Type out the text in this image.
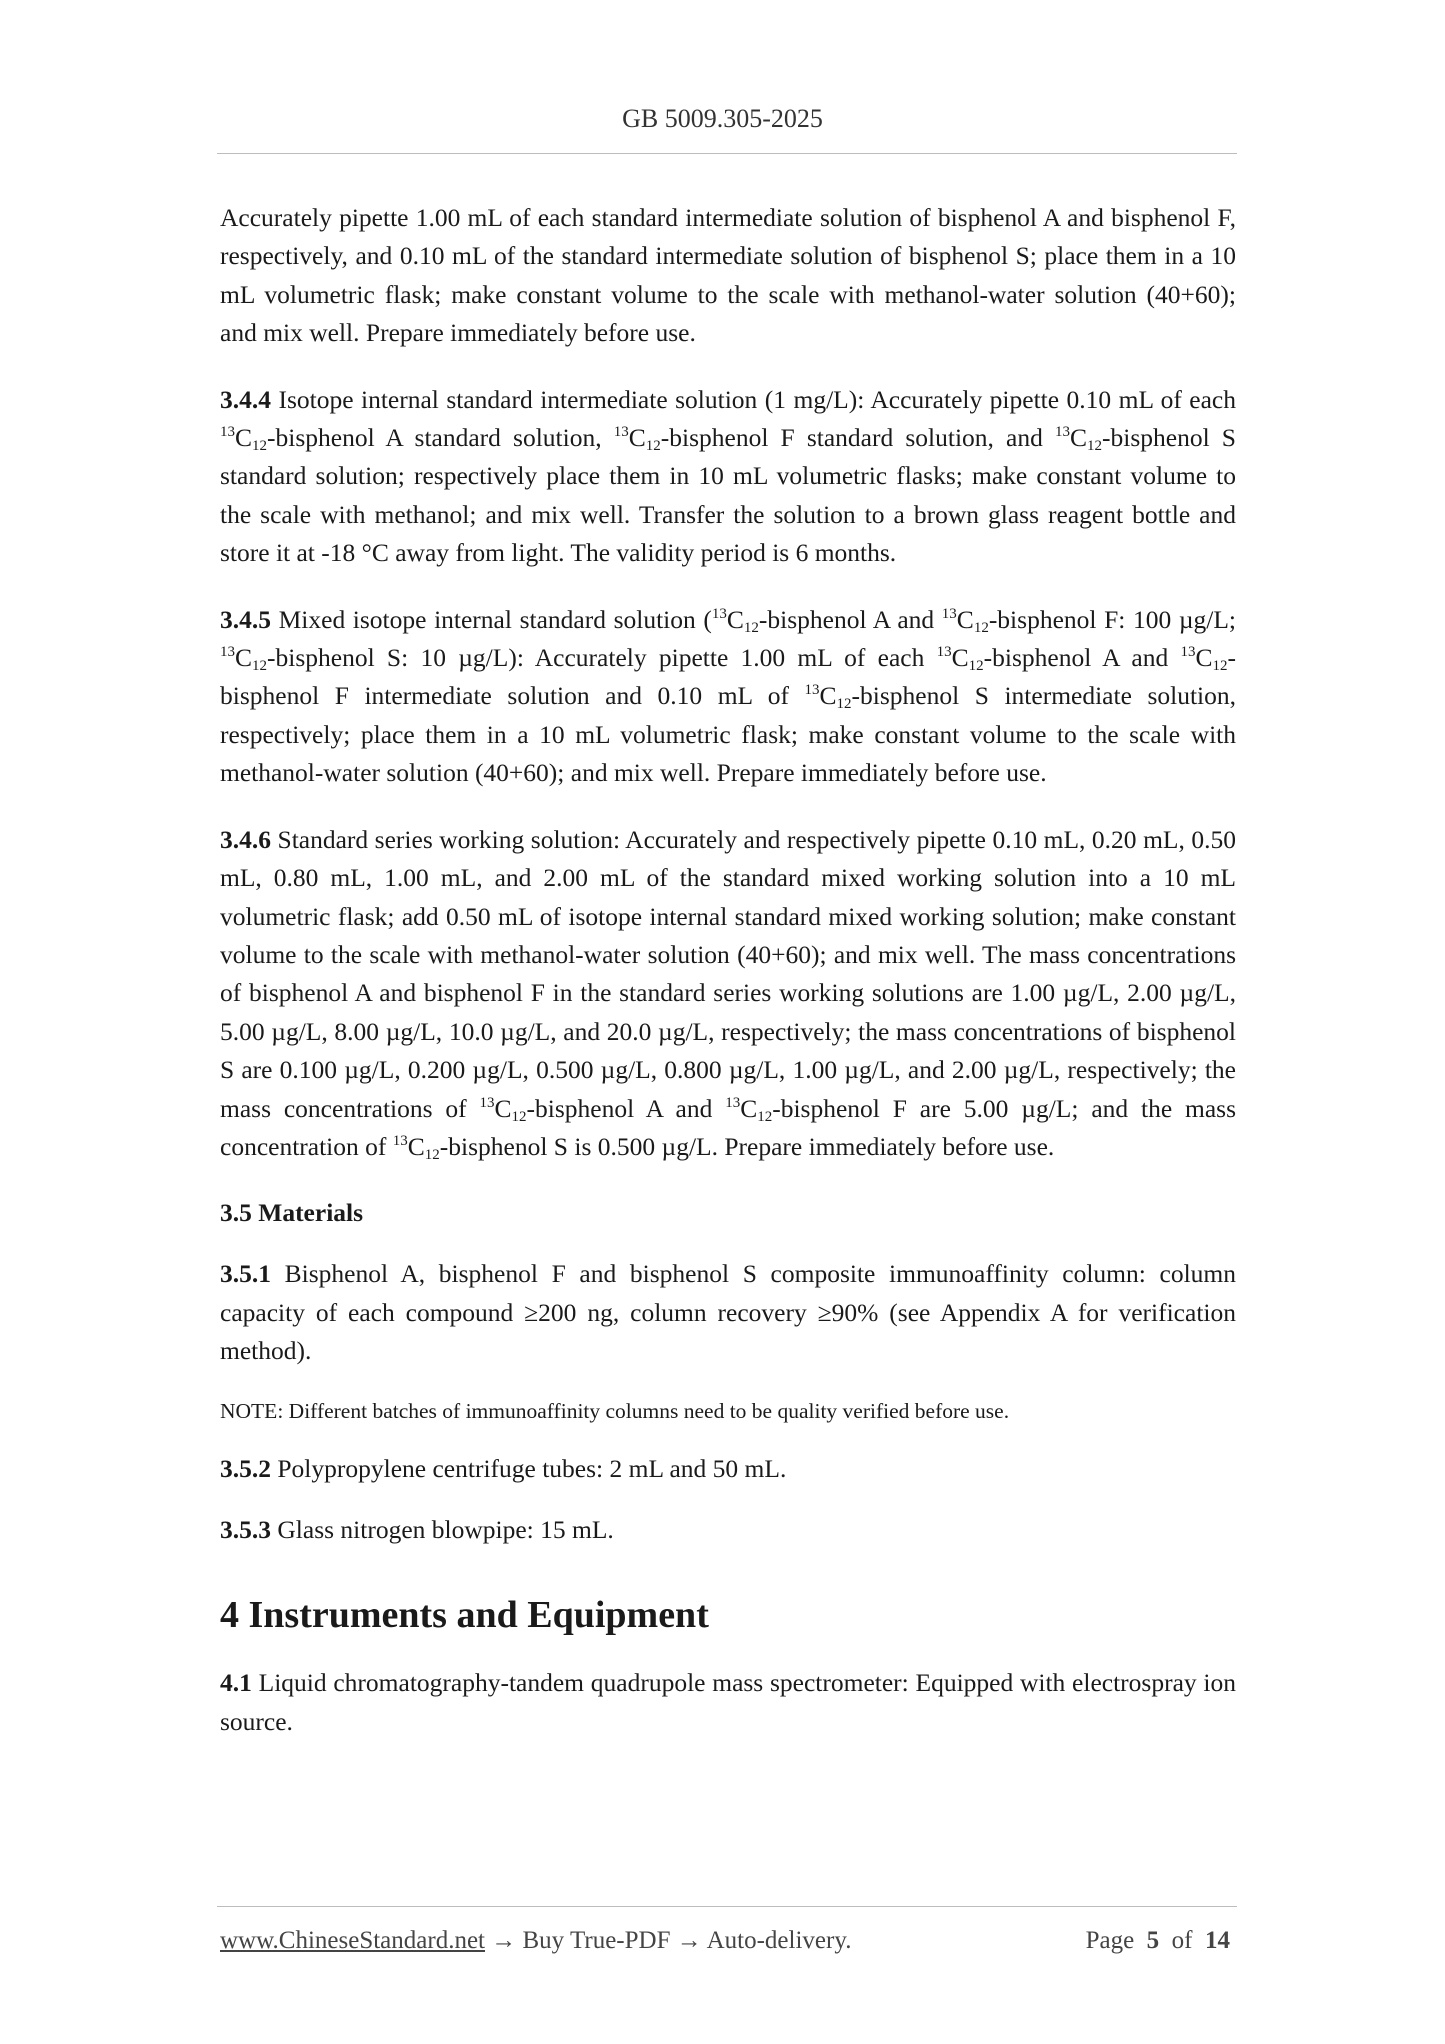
GB 5009.305-2025

Accurately pipette 1.00 mL of each standard intermediate solution of bisphenol A and bisphenol F, respectively, and 0.10 mL of the standard intermediate solution of bisphenol S; place them in a 10 mL volumetric flask; make constant volume to the scale with methanol-water solution (40+60); and mix well. Prepare immediately before use.

3.4.4 Isotope internal standard intermediate solution (1 mg/L): Accurately pipette 0.10 mL of each $^{13}C_{12}$-bisphenol A standard solution, $^{13}C_{12}$-bisphenol F standard solution, and $^{13}C_{12}$-bisphenol S standard solution; respectively place them in 10 mL volumetric flasks; make constant volume to the scale with methanol; and mix well. Transfer the solution to a brown glass reagent bottle and store it at -18 °C away from light. The validity period is 6 months.

3.4.5 Mixed isotope internal standard solution ($^{13}C_{12}$-bisphenol A and $^{13}C_{12}$-bisphenol F: 100 µg/L; $^{13}C_{12}$-bisphenol S: 10 µg/L): Accurately pipette 1.00 mL of each $^{13}C_{12}$-bisphenol A and $^{13}C_{12}$-bisphenol F intermediate solution and 0.10 mL of $^{13}C_{12}$-bisphenol S intermediate solution, respectively; place them in a 10 mL volumetric flask; make constant volume to the scale with methanol-water solution (40+60); and mix well. Prepare immediately before use.

3.4.6 Standard series working solution: Accurately and respectively pipette 0.10 mL, 0.20 mL, 0.50 mL, 0.80 mL, 1.00 mL, and 2.00 mL of the standard mixed working solution into a 10 mL volumetric flask; add 0.50 mL of isotope internal standard mixed working solution; make constant volume to the scale with methanol-water solution (40+60); and mix well. The mass concentrations of bisphenol A and bisphenol F in the standard series working solutions are 1.00 µg/L, 2.00 µg/L, 5.00 µg/L, 8.00 µg/L, 10.0 µg/L, and 20.0 µg/L, respectively; the mass concentrations of bisphenol S are 0.100 µg/L, 0.200 µg/L, 0.500 µg/L, 0.800 µg/L, 1.00 µg/L, and 2.00 µg/L, respectively; the mass concentrations of $^{13}C_{12}$-bisphenol A and $^{13}C_{12}$-bisphenol F are 5.00 µg/L; and the mass concentration of $^{13}C_{12}$-bisphenol S is 0.500 µg/L. Prepare immediately before use.

3.5 Materials

3.5.1 Bisphenol A, bisphenol F and bisphenol S composite immunoaffinity column: column capacity of each compound ≥200 ng, column recovery ≥90% (see Appendix A for verification method).

NOTE: Different batches of immunoaffinity columns need to be quality verified before use.

3.5.2 Polypropylene centrifuge tubes: 2 mL and 50 mL.

3.5.3 Glass nitrogen blowpipe: 15 mL.

4 Instruments and Equipment

4.1 Liquid chromatography-tandem quadrupole mass spectrometer: Equipped with electrospray ion source.

www.ChineseStandard.net → Buy True-PDF → Auto-delivery.	Page 5 of 14
